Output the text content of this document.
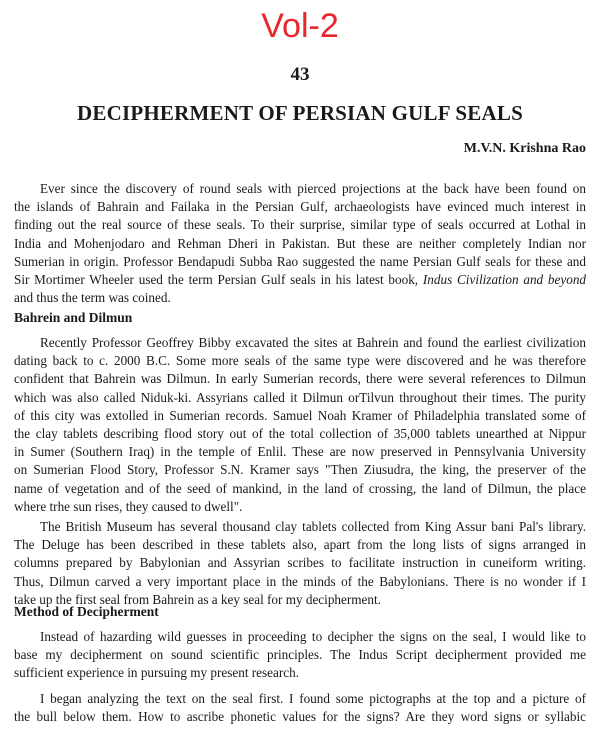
Vol-2
43
DECIPHERMENT OF PERSIAN GULF SEALS
M.V.N. Krishna Rao
Ever since the discovery of round seals with pierced projections at the back have been found on
the islands of Bahrain and Failaka in the Persian Gulf, archaeologists have evinced much interest in
finding out the real source of these seals. To their surprise, similar type of seals occurred at Lothal in
India and Mohenjodaro and Rehman Dheri in Pakistan. But these are neither completely Indian nor
Sumerian in origin. Professor Bendapudi Subba Rao suggested the name Persian Gulf seals for these and
Sir Mortimer Wheeler used the term Persian Gulf seals in his latest book, Indus Civilization and beyond
and thus the term was coined.
Bahrein and Dilmun
Recently Professor Geoffrey Bibby excavated the sites at Bahrein and found the earliest civilization
dating back to c. 2000 B.C. Some more seals of the same type were discovered and he was therefore
confident that Bahrein was Dilmun. In early Sumerian records, there were several references to Dilmun
which was also called Niduk-ki. Assyrians called it Dilmun orTilvun throughout their times. The purity
of this city was extolled in Sumerian records. Samuel Noah Kramer of Philadelphia translated some of
the clay tablets describing flood story out of the total collection of 35,000 tablets unearthed at Nippur
in Sumer (Southern Iraq) in the temple of Enlil. These are now preserved in Pennsylvania University
on Sumerian Flood Story, Professor S.N. Kramer says "Then Ziusudra, the king, the preserver of the
name of vegetation and of the seed of mankind, in the land of crossing, the land of Dilmun, the place
where trhe sun rises, they caused to dwell".
The British Museum has several thousand clay tablets collected from King Assur bani Pal's library.
The Deluge has been described in these tablets also, apart from the long lists of signs arranged in
columns prepared by Babylonian and Assyrian scribes to facilitate instruction in cuneiform writing.
Thus, Dilmun carved a very important place in the minds of the Babylonians. There is no wonder if I
take up the first seal from Bahrein as a key seal for my decipherment.
Method of Decipherment
Instead of hazarding wild guesses in proceeding to decipher the signs on the seal, I would like to
base my decipherment on sound scientific principles. The Indus Script decipherment provided me
sufficient experience in pursuing my present research.
I began analyzing the text on the seal first. I found some pictographs at the top and a picture of
the bull below them. How to ascribe phonetic values for the signs? Are they word signs or syllabic
